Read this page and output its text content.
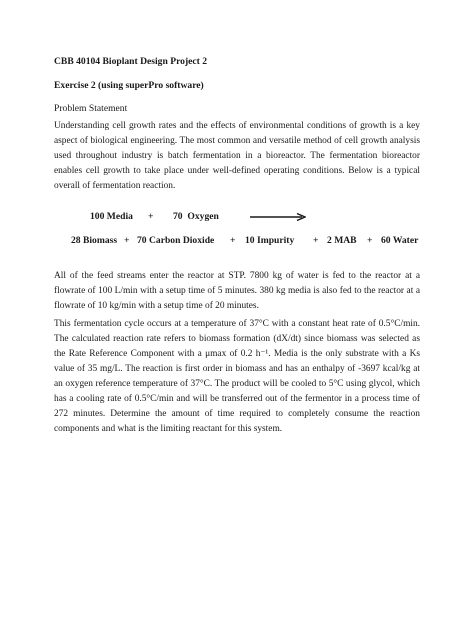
CBB 40104 Bioplant Design Project 2
Exercise 2 (using superPro software)
Problem Statement
Understanding cell growth rates and the effects of environmental conditions of growth is a key
aspect of biological engineering. The most common and versatile method of cell growth analysis
used throughout industry is batch fermentation in a bioreactor. The fermentation bioreactor
enables cell growth to take place under well-defined operating conditions. Below is a typical
overall of fermentation reaction.
100 Media + 70  Oxygen
28 Biomass + 70 Carbon Dioxide + 10 Impurity + 2 MAB + 60 Water
All of the feed streams enter the reactor at STP. 7800 kg of water is fed to the reactor at a
flowrate of 100 L/min with a setup time of 5 minutes. 380 kg media is also fed to the reactor at a
flowrate of 10 kg/min with a setup time of 20 minutes.
This fermentation cycle occurs at a temperature of 37°C with a constant heat rate of 0.5°C/min.
The calculated reaction rate refers to biomass formation (dX/dt) since biomass was selected as
the Rate Reference Component with a μmax of 0.2 h⁻¹. Media is the only substrate with a Ks
value of 35 mg/L. The reaction is first order in biomass and has an enthalpy of -3697 kcal/kg at
an oxygen reference temperature of 37°C. The product will be cooled to 5°C using glycol, which
has a cooling rate of 0.5°C/min and will be transferred out of the fermentor in a process time of
272 minutes. Determine the amount of time required to completely consume the reaction
components and what is the limiting reactant for this system.
